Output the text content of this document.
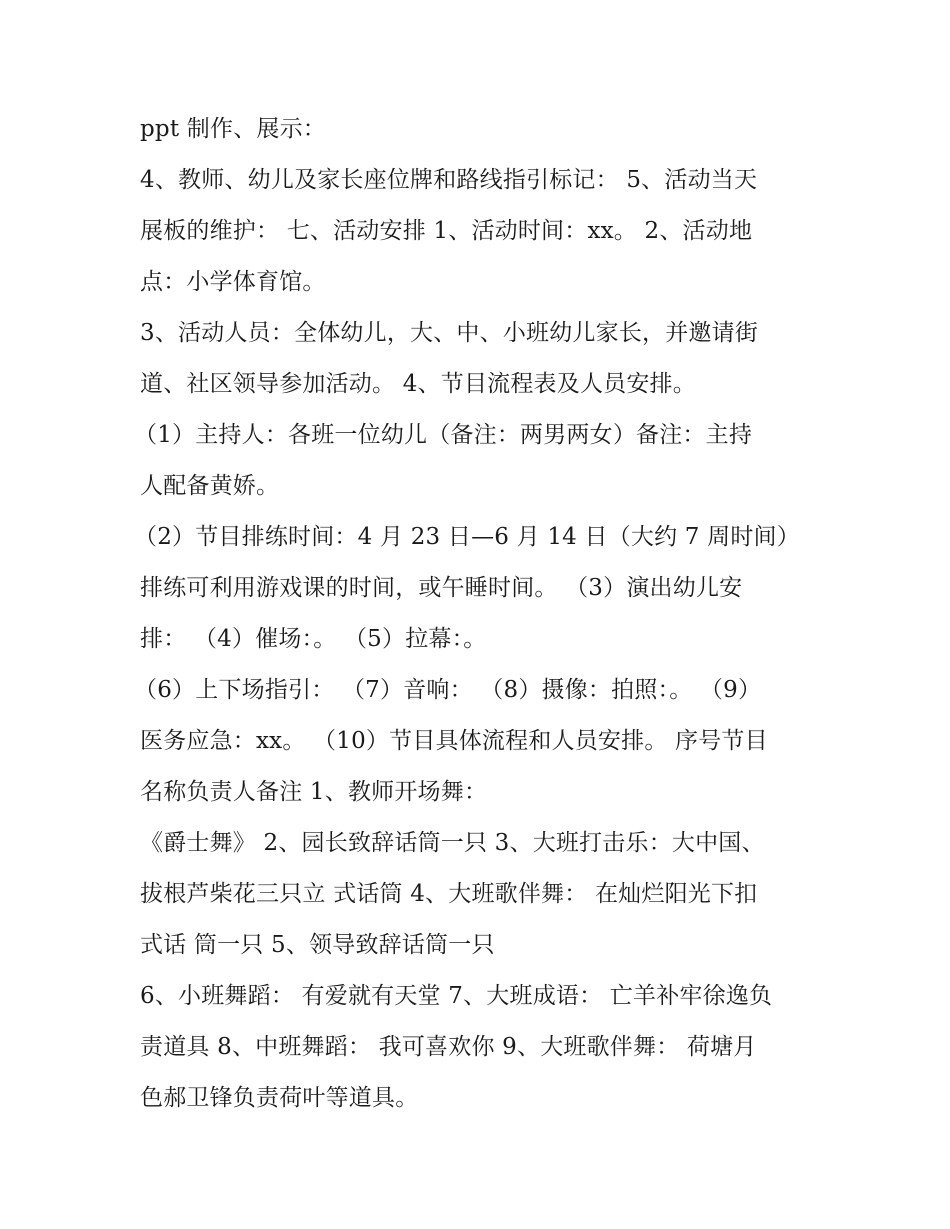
ppt 制作、展示：
4、教师、幼儿及家长座位牌和路线指引标记： 5、活动当天
展板的维护： 七、活动安排 1、活动时间：xx。 2、活动地
点：小学体育馆。
3、活动人员：全体幼儿，大、中、小班幼儿家长，并邀请街
道、社区领导参加活动。 4、节目流程表及人员安排。
（1）主持人：各班一位幼儿（备注：两男两女）备注：主持
人配备黄娇。
（2）节目排练时间：4 月 23 日—6 月 14 日（大约 7 周时间）
排练可利用游戏课的时间，或午睡时间。 （3）演出幼儿安
排： （4）催场：。 （5）拉幕：。
（6）上下场指引： （7）音响： （8）摄像：拍照：。 （9）
医务应急：xx。 （10）节目具体流程和人员安排。 序号节目
名称负责人备注 1、教师开场舞：
《爵士舞》 2、园长致辞话筒一只 3、大班打击乐：大中国、
拔根芦柴花三只立 式话筒 4、大班歌伴舞： 在灿烂阳光下扣
式话 筒一只 5、领导致辞话筒一只
6、小班舞蹈： 有爱就有天堂 7、大班成语： 亡羊补牢徐逸负
责道具 8、中班舞蹈： 我可喜欢你 9、大班歌伴舞： 荷塘月
色郝卫锋负责荷叶等道具。
